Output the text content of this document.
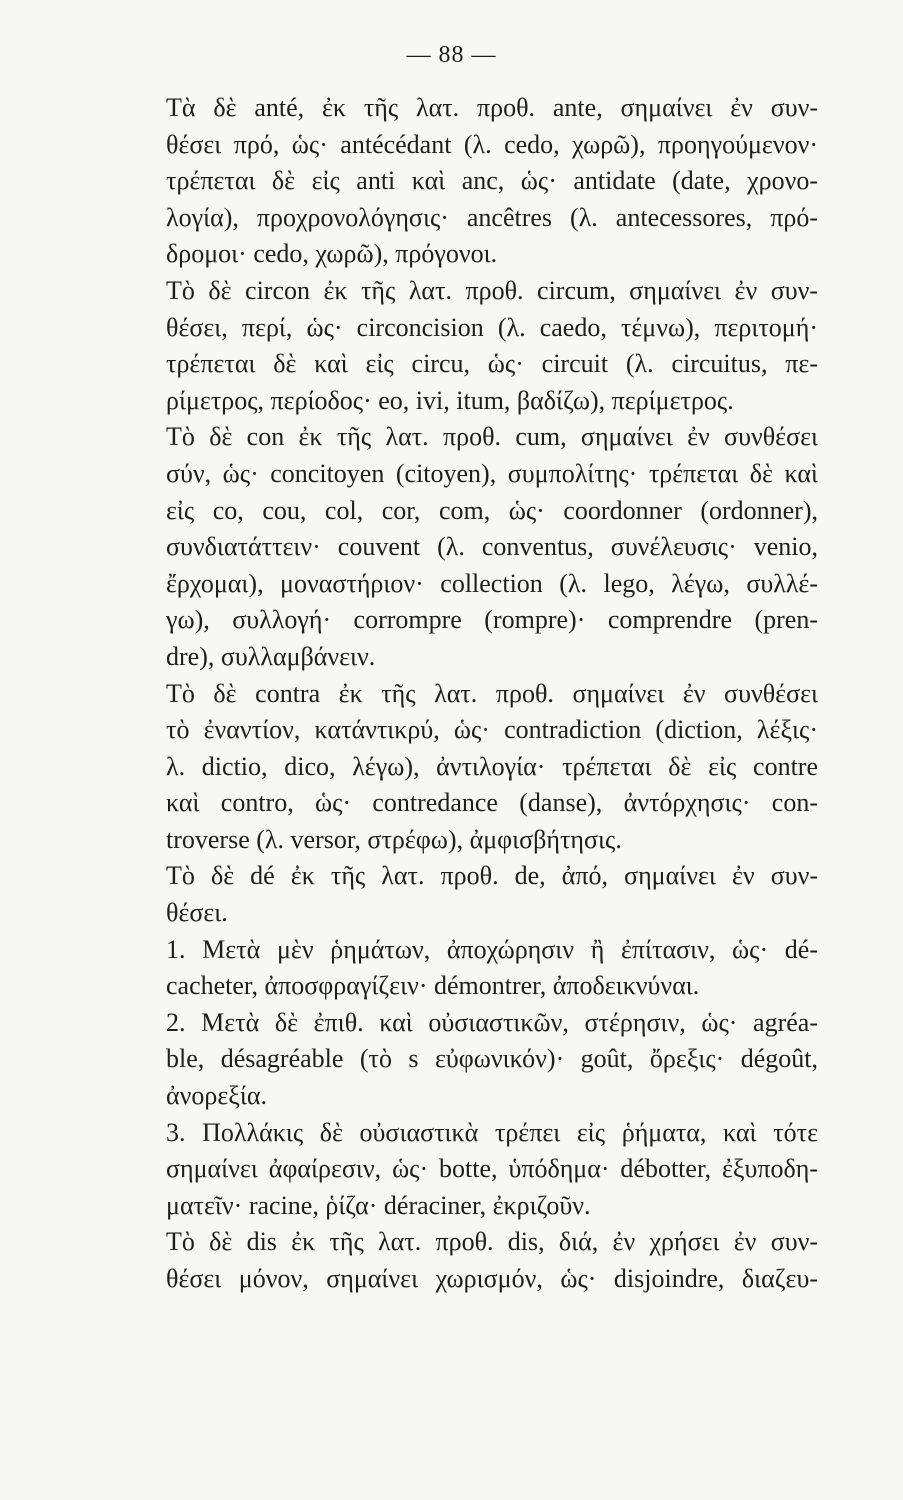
— 88 —
Τὰ δὲ anté, ἐκ τῆς λατ. προθ. ante, σημαίνει ἐν συν-
θέσει πρό, ὡς· antécédant (λ. cedo, χωρῶ), προηγούμενον·
τρέπεται δὲ εἰς anti καὶ anc, ὡς· antidate (date, χρονο-
λογία), προχρονολόγησις· ancêtres (λ. antecessores, πρό-
δρομοι· cedo, χωρῶ), πρόγονοι.
Τὸ δὲ circon ἐκ τῆς λατ. προθ. circum, σημαίνει ἐν συν-
θέσει, περί, ὡς· circoncision (λ. caedo, τέμνω), περιτομή·
τρέπεται δὲ καὶ εἰς circu, ὡς· circuit (λ. circuitus, πε-
ρίμετρος, περίοδος· eo, ivi, itum, βαδίζω), περίμετρος.
Τὸ δὲ con ἐκ τῆς λατ. προθ. cum, σημαίνει ἐν συνθέσει
σύν, ὡς· concitoyen (citoyen), συμπολίτης· τρέπεται δὲ καὶ
εἰς co, cou, col, cor, com, ὡς· coordonner (ordonner),
συνδιατάττειν· couvent (λ. conventus, συνέλευσις· venio,
ἔρχομαι), μοναστήριον· collection (λ. lego, λέγω, συλλέ-
γω), συλλογή· corrompre (rompre)· comprendre (pren-
dre), συλλαμβάνειν.
Τὸ δὲ contra ἐκ τῆς λατ. προθ. σημαίνει ἐν συνθέσει
τὸ ἐναντίον, κατάντικρύ, ὡς· contradiction (diction, λέξις·
λ. dictio, dico, λέγω), ἀντιλογία· τρέπεται δὲ εἰς contre
καὶ contro, ὡς· contredance (danse), ἀντόρχησις· con-
troverse (λ. versor, στρέφω), ἀμφισβήτησις.
Τὸ δὲ dé ἐκ τῆς λατ. προθ. de, ἀπό, σημαίνει ἐν συν-
θέσει.
1. Μετὰ μὲν ῥημάτων, ἀποχώρησιν ἢ ἐπίτασιν, ὡς· dé-
cacheter, ἀποσφραγίζειν· démontrer, ἀποδεικνύναι.
2. Μετὰ δὲ ἐπιθ. καὶ οὐσιαστικῶν, στέρησιν, ὡς· agréa-
ble, désagréable (τὸ s εὐφωνικόν)· goût, ὄρεξις· dégoût,
ἀνορεξία.
3. Πολλάκις δὲ οὐσιαστικὰ τρέπει εἰς ῥήματα, καὶ τότε
σημαίνει ἀφαίρεσιν, ὡς· botte, ὑπόδημα· débotter, ἐξυποδη-
ματεῖν· racine, ῥίζα· déraciner, ἐκριζοῦν.
Τὸ δὲ dis ἐκ τῆς λατ. προθ. dis, διά, ἐν χρήσει ἐν συν-
θέσει μόνον, σημαίνει χωρισμόν, ὡς· disjoindre, διαζευ-
